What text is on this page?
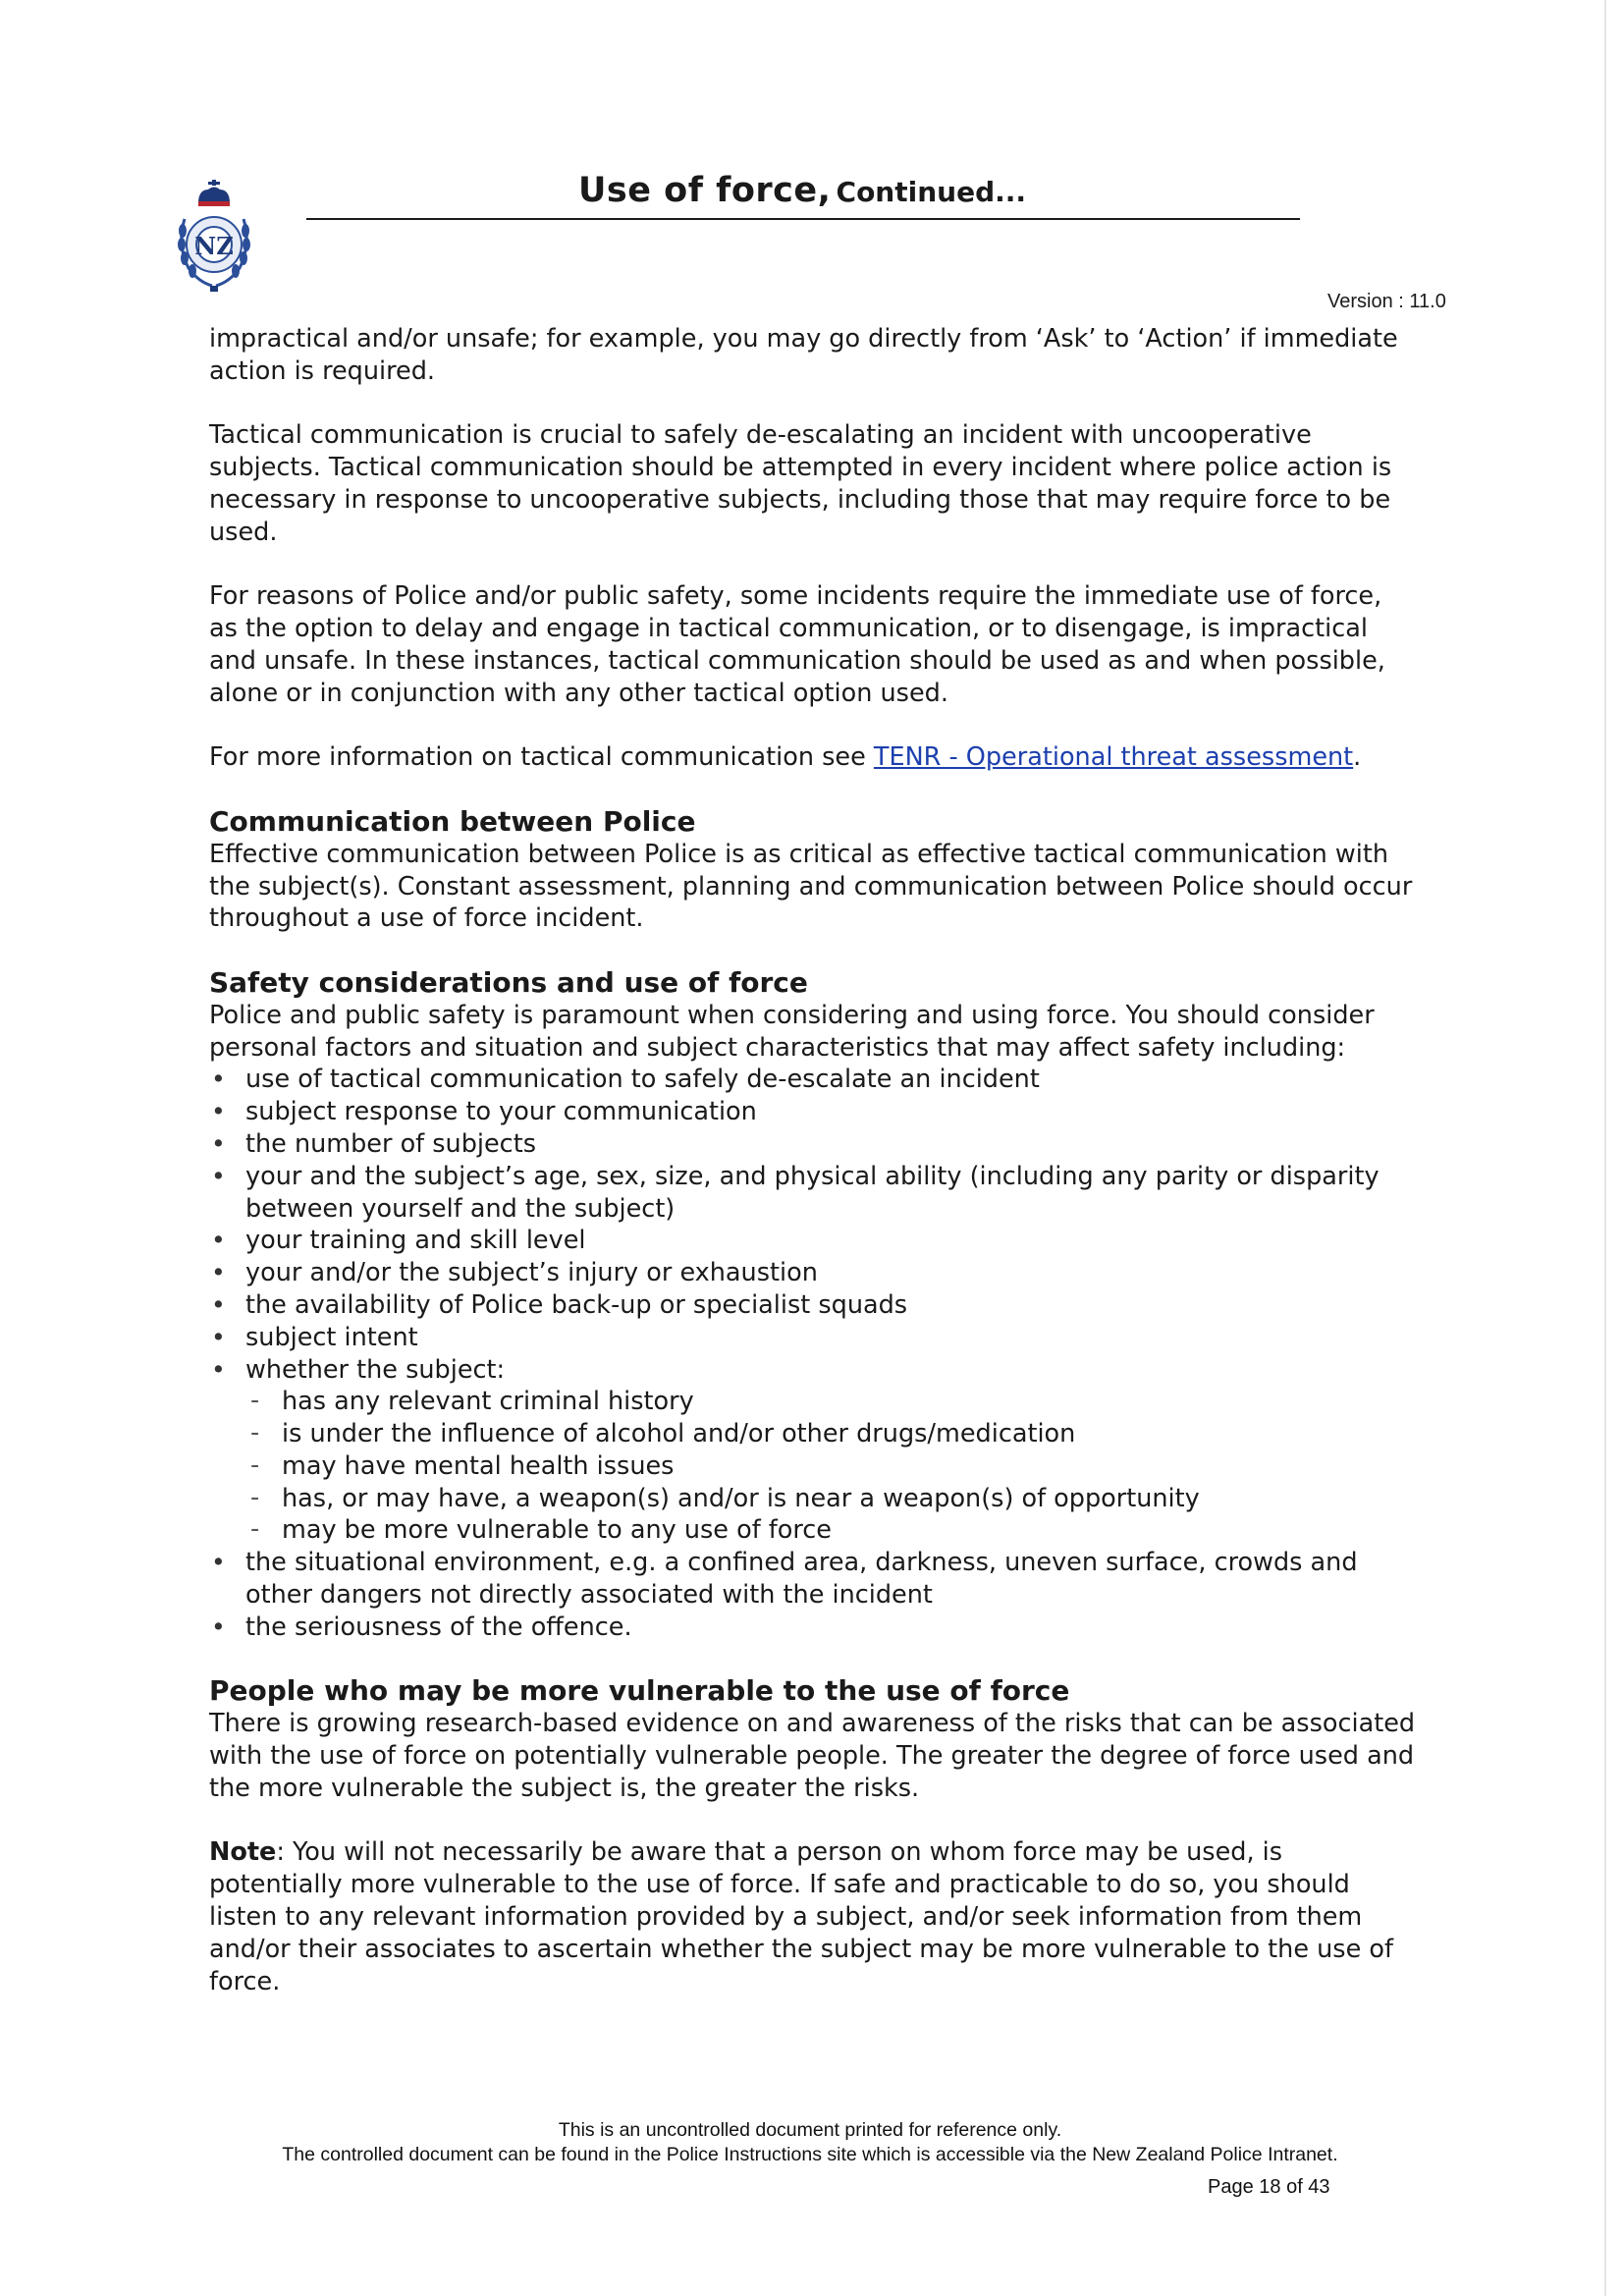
NZ
Use of force, Continued...
Version : 11.0

impractical and/or unsafe; for example, you may go directly from ‘Ask’ to ‘Action’ if immediate action is required.

Tactical communication is crucial to safely de-escalating an incident with uncooperative subjects. Tactical communication should be attempted in every incident where police action is necessary in response to uncooperative subjects, including those that may require force to be used.

For reasons of Police and/or public safety, some incidents require the immediate use of force, as the option to delay and engage in tactical communication, or to disengage, is impractical and unsafe. In these instances, tactical communication should be used as and when possible, alone or in conjunction with any other tactical option used.

For more information on tactical communication see TENR - Operational threat assessment.

Communication between Police

Effective communication between Police is as critical as effective tactical communication with the subject(s). Constant assessment, planning and communication between Police should occur throughout a use of force incident.

Safety considerations and use of force

Police and public safety is paramount when considering and using force. You should consider personal factors and situation and subject characteristics that may affect safety including:

• use of tactical communication to safely de-escalate an incident
• subject response to your communication
• the number of subjects
• your and the subject’s age, sex, size, and physical ability (including any parity or disparity between yourself and the subject)
• your training and skill level
• your and/or the subject’s injury or exhaustion
• the availability of Police back-up or specialist squads
• subject intent
• whether the subject:
- has any relevant criminal history
- is under the influence of alcohol and/or other drugs/medication
- may have mental health issues
- has, or may have, a weapon(s) and/or is near a weapon(s) of opportunity
- may be more vulnerable to any use of force
• the situational environment, e.g. a confined area, darkness, uneven surface, crowds and other dangers not directly associated with the incident
• the seriousness of the offence.
People who may be more vulnerable to the use of force

There is growing research-based evidence on and awareness of the risks that can be associated with the use of force on potentially vulnerable people. The greater the degree of force used and the more vulnerable the subject is, the greater the risks.

Note: You will not necessarily be aware that a person on whom force may be used, is potentially more vulnerable to the use of force. If safe and practicable to do so, you should listen to any relevant information provided by a subject, and/or seek information from them and/or their associates to ascertain whether the subject may be more vulnerable to the use of force.

This is an uncontrolled document printed for reference only.
The controlled document can be found in the Police Instructions site which is accessible via the New Zealand Police Intranet.
Page 18 of 43
